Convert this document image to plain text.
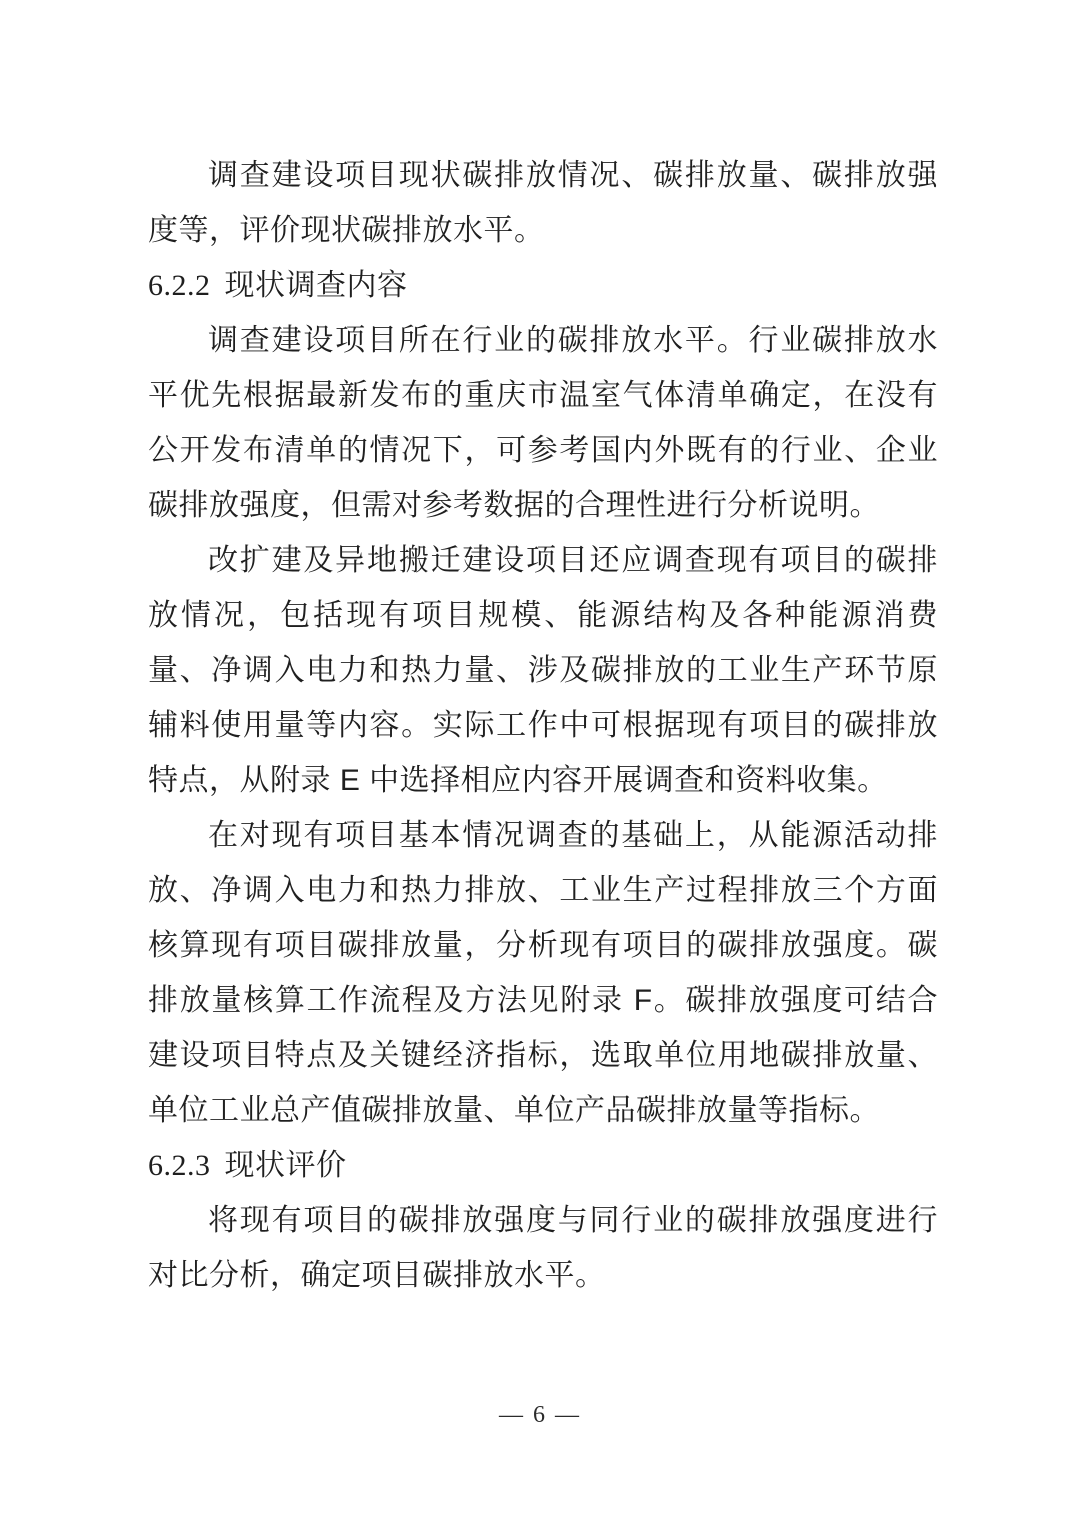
调查建设项目现状碳排放情况、碳排放量、碳排放强度等，评价现状碳排放水平。

6.2.2 现状调查内容

调查建设项目所在行业的碳排放水平。行业碳排放水平优先根据最新发布的重庆市温室气体清单确定，在没有公开发布清单的情况下，可参考国内外既有的行业、企业碳排放强度，但需对参考数据的合理性进行分析说明。

改扩建及异地搬迁建设项目还应调查现有项目的碳排放情况，包括现有项目规模、能源结构及各种能源消费量、净调入电力和热力量、涉及碳排放的工业生产环节原辅料使用量等内容。实际工作中可根据现有项目的碳排放特点，从附录 E 中选择相应内容开展调查和资料收集。

在对现有项目基本情况调查的基础上，从能源活动排放、净调入电力和热力排放、工业生产过程排放三个方面核算现有项目碳排放量，分析现有项目的碳排放强度。碳排放量核算工作流程及方法见附录 F。碳排放强度可结合建设项目特点及关键经济指标，选取单位用地碳排放量、单位工业总产值碳排放量、单位产品碳排放量等指标。

6.2.3 现状评价

将现有项目的碳排放强度与同行业的碳排放强度进行对比分析，确定项目碳排放水平。

— 6 —
